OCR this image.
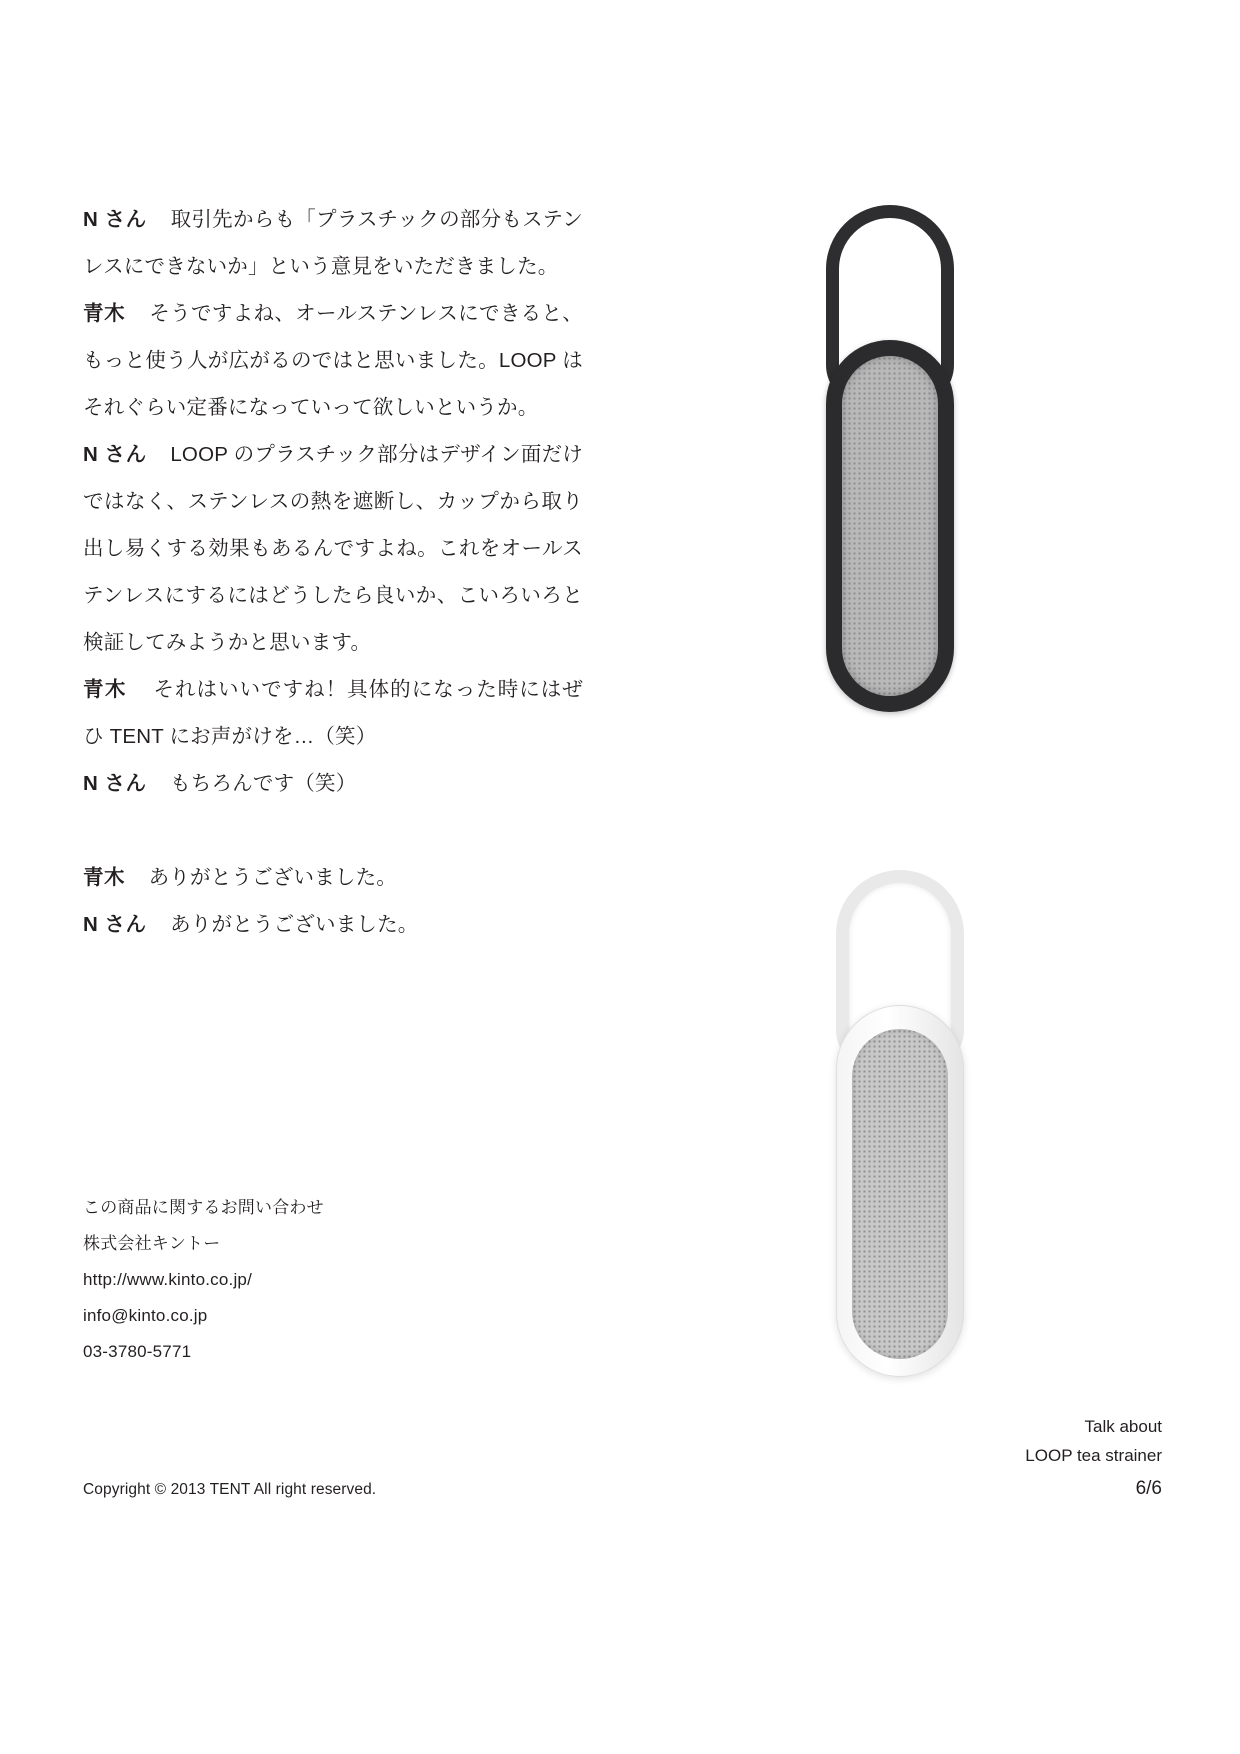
N さん 取引先からも「プラスチックの部分もステンレスにできないか」という意見をいただきました。

青木 そうですよね、オールステンレスにできると、もっと使う人が広がるのではと思いました。LOOP はそれぐらい定番になっていって欲しいというか。

N さん LOOP のプラスチック部分はデザイン面だけではなく、ステンレスの熱を遮断し、カップから取り出し易くする効果もあるんですよね。これをオールステンレスにするにはどうしたら良いか、こいろいろと検証してみようかと思います。

青木 それはいいですね！具体的になった時にはぜひ TENT にお声がけを…（笑）

N さん もちろんです（笑）

青木 ありがとうございました。

N さん ありがとうございました。

この商品に関するお問い合わせ

株式会社キントー

http://www.kinto.co.jp/

info@kinto.co.jp

03-3780-5771

Copyright © 2013 TENT All right reserved.
Talk about
LOOP tea strainer
6/6
